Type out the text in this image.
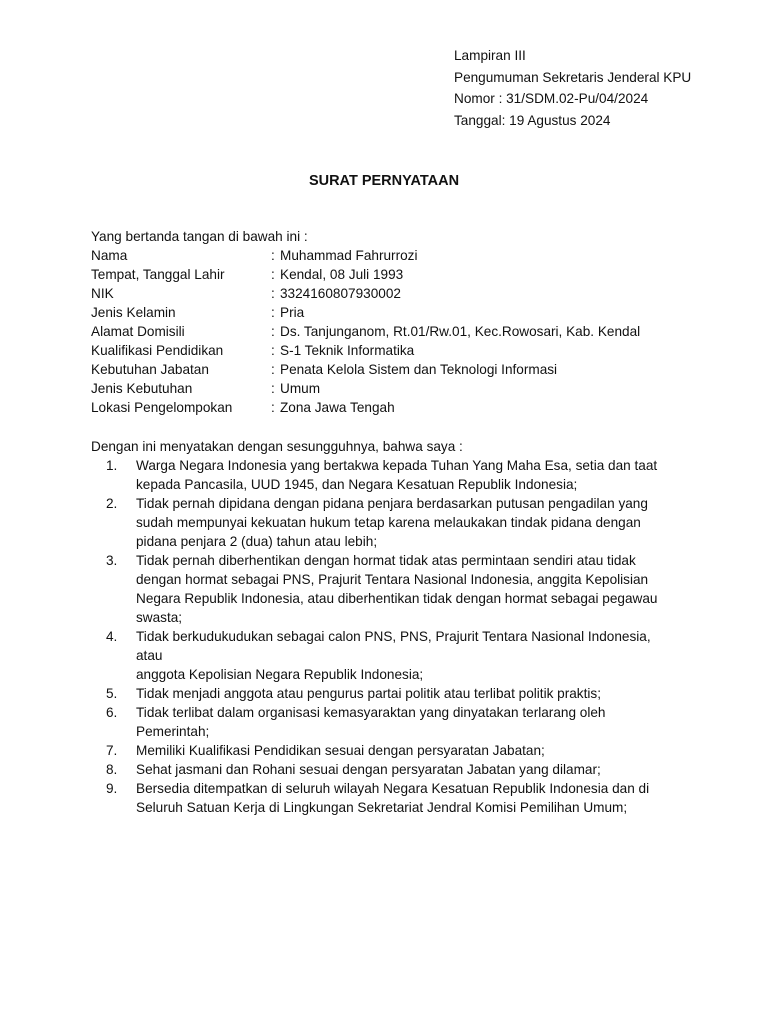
Lampiran III
Pengumuman Sekretaris Jenderal KPU
Nomor : 31/SDM.02-Pu/04/2024
Tanggal: 19 Agustus 2024
SURAT PERNYATAAN
Yang bertanda tangan di bawah ini :
Nama	: Muhammad Fahrurrozi
Tempat, Tanggal Lahir	: Kendal, 08 Juli 1993
NIK	: 3324160807930002
Jenis Kelamin	: Pria
Alamat Domisili	: Ds. Tanjunganom, Rt.01/Rw.01, Kec.Rowosari, Kab. Kendal
Kualifikasi Pendidikan	: S-1 Teknik Informatika
Kebutuhan Jabatan	: Penata Kelola Sistem dan Teknologi Informasi
Jenis Kebutuhan	: Umum
Lokasi Pengelompokan	: Zona Jawa Tengah
Dengan ini menyatakan dengan sesungguhnya, bahwa saya :
1.	Warga Negara Indonesia yang bertakwa kepada Tuhan Yang Maha Esa, setia dan taat
kepada Pancasila, UUD 1945, dan Negara Kesatuan Republik Indonesia;
2.	Tidak pernah dipidana dengan pidana penjara berdasarkan putusan pengadilan yang
sudah mempunyai kekuatan hukum tetap karena melaukakan tindak pidana dengan
pidana penjara 2 (dua) tahun atau lebih;
3.	Tidak pernah diberhentikan dengan hormat tidak atas permintaan sendiri atau tidak
dengan hormat sebagai PNS, Prajurit Tentara Nasional Indonesia, anggita Kepolisian
Negara Republik Indonesia, atau diberhentikan tidak dengan hormat sebagai pegawau
swasta;
4.	Tidak berkudukudukan sebagai calon PNS, PNS, Prajurit Tentara Nasional Indonesia, atau
anggota Kepolisian Negara Republik Indonesia;
5.	Tidak menjadi anggota atau pengurus partai politik atau terlibat politik praktis;
6.	Tidak terlibat dalam organisasi kemasyaraktan yang dinyatakan terlarang oleh
Pemerintah;
7.	Memiliki Kualifikasi Pendidikan sesuai dengan persyaratan Jabatan;
8.	Sehat jasmani dan Rohani sesuai dengan persyaratan Jabatan yang dilamar;
9.	Bersedia ditempatkan di seluruh wilayah Negara Kesatuan Republik Indonesia dan di
Seluruh Satuan Kerja di Lingkungan Sekretariat Jendral Komisi Pemilihan Umum;
